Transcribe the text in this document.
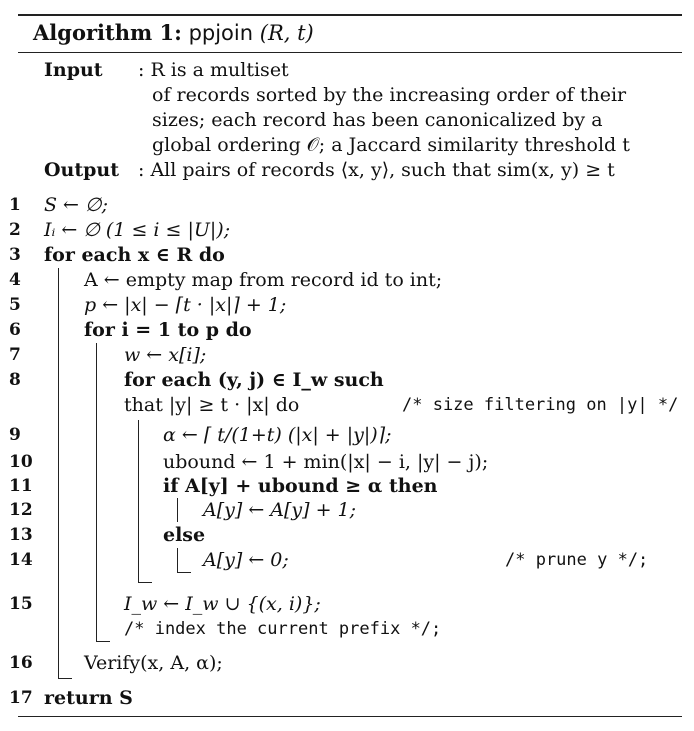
Algorithm 1: ppjoin (R, t)
Input : R is a multiset
of records sorted by the increasing order of their
sizes; each record has been canonicalized by a
global ordering 𝒪; a Jaccard similarity threshold t
Output : All pairs of records ⟨x, y⟩, such that sim(x, y) ≥ t
1 S ← ∅;
2 Iᵢ ← ∅ (1 ≤ i ≤ |U|);
3 for each x ∈ R do
4	A ← empty map from record id to int;
5	p ← |x| − ⌈t · |x|⌉ + 1;
6	for i = 1 to p do
7	w ← x[i];
8	for each (y, j) ∈ I_w such
that |y| ≥ t · |x| do	/* size filtering on |y| */
9	α ← ⌈ t/(1+t) (|x| + |y|)⌉;
10	ubound ← 1 + min(|x| − i, |y| − j);
11	if A[y] + ubound ≥ α then
12	A[y] ← A[y] + 1;
13	else
14	A[y] ← 0;	/* prune y */;
15	I_w ← I_w ∪ {(x, i)};
/* index the current prefix */;
16	Verify(x, A, α);
17 return S
